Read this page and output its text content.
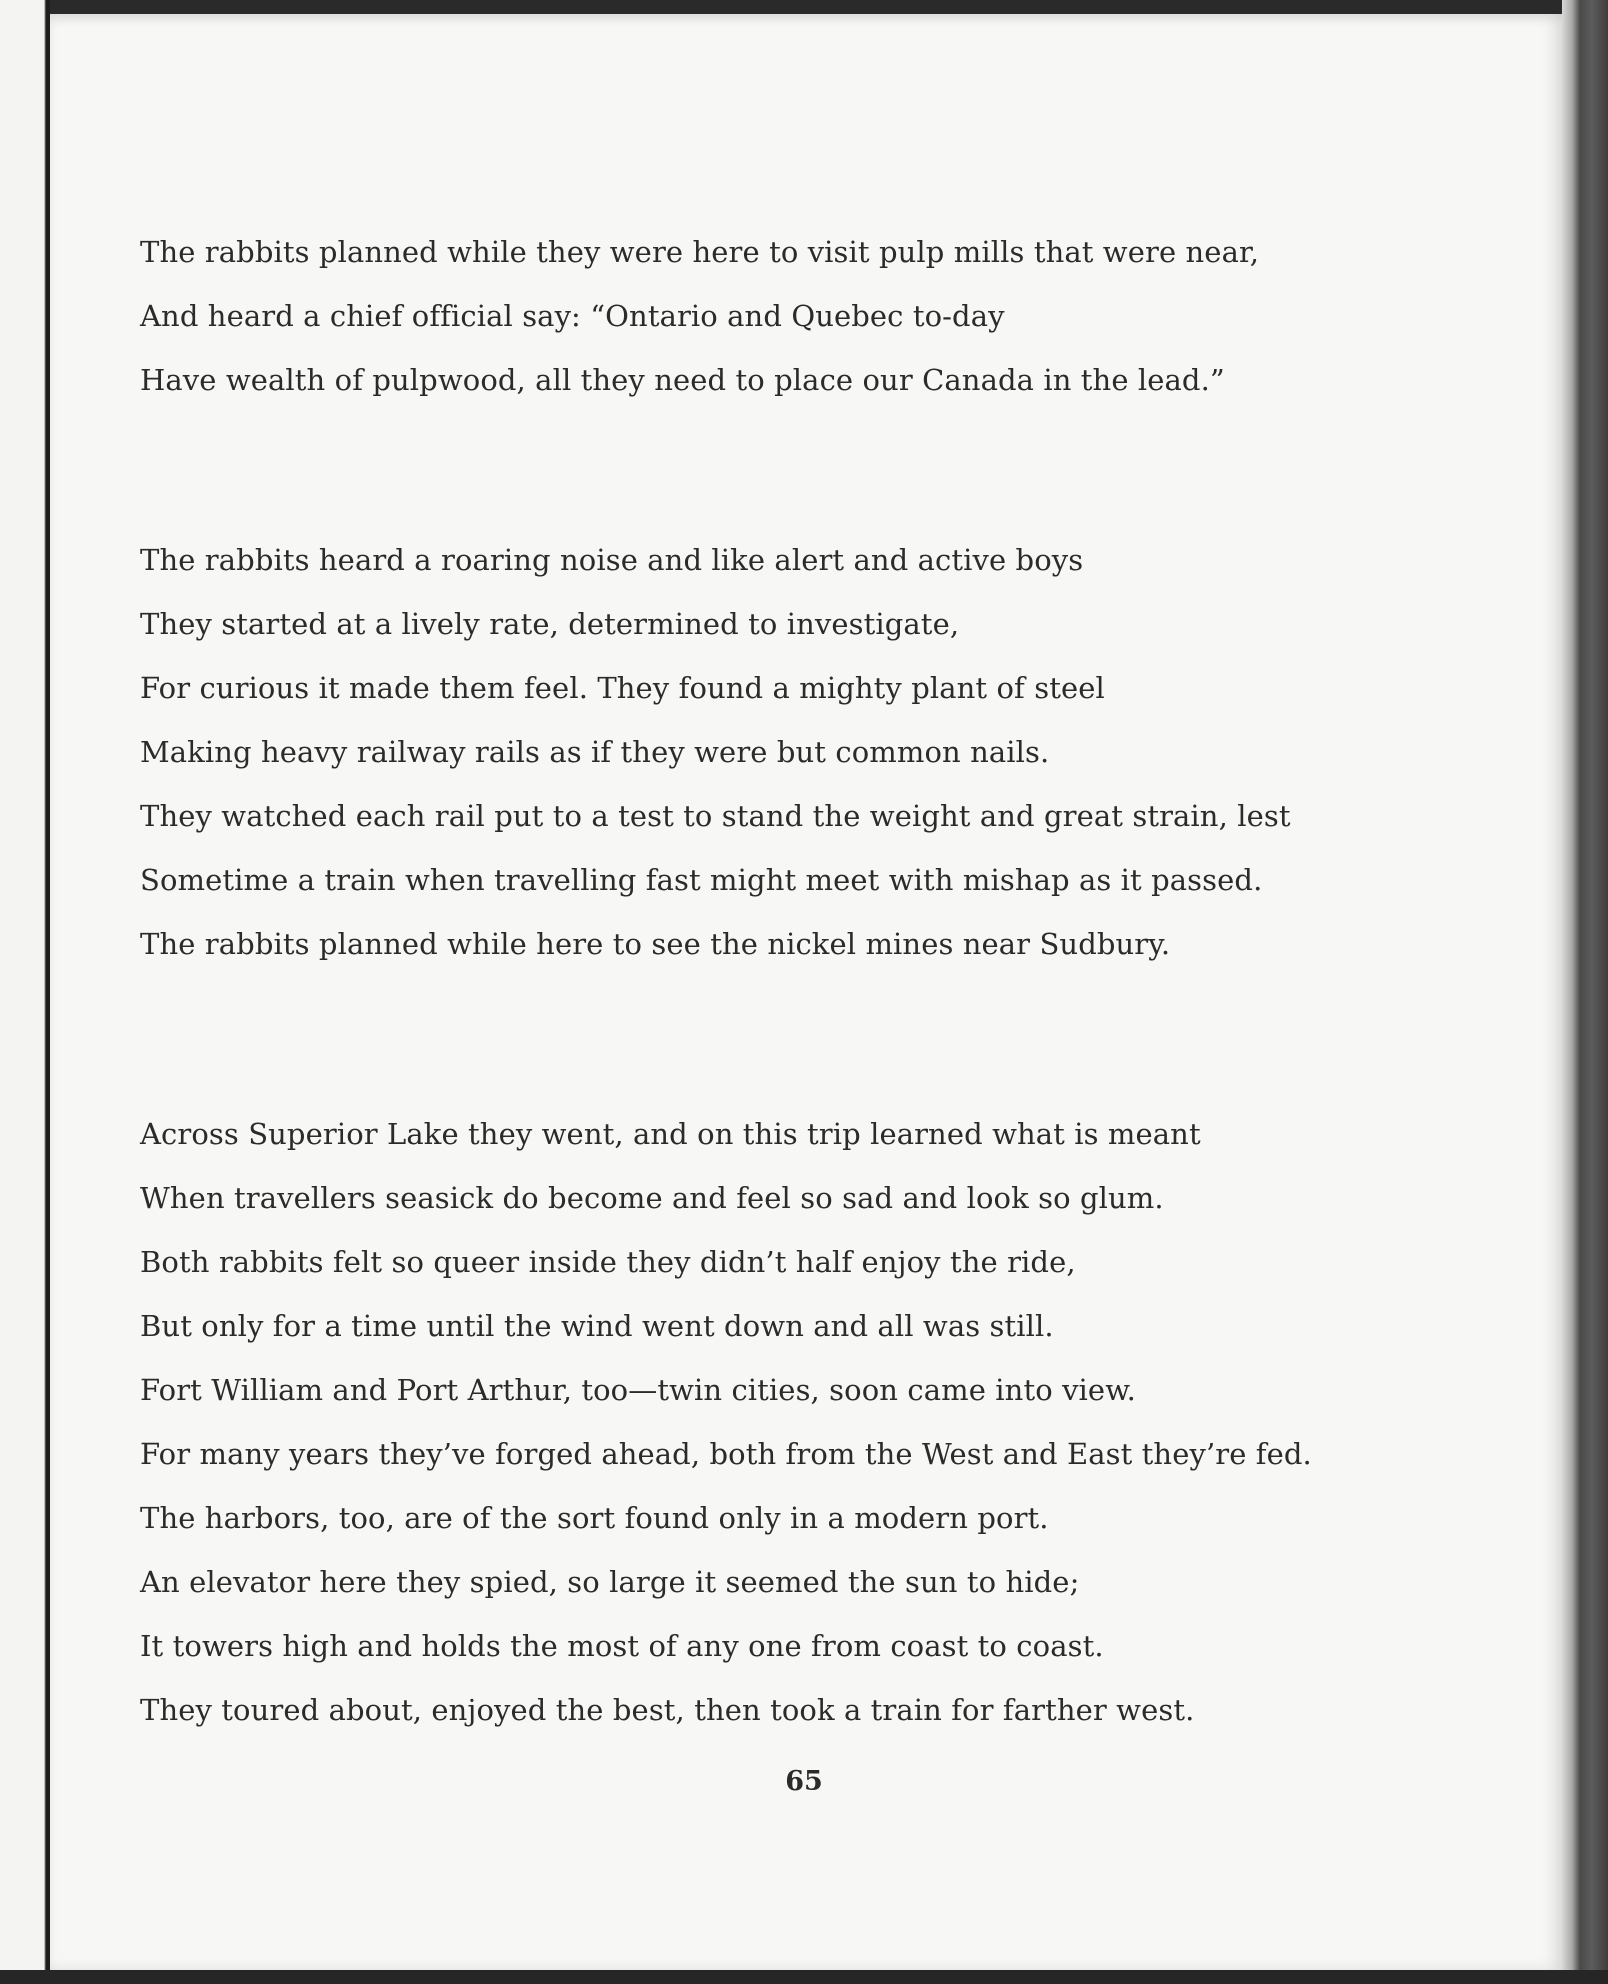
The rabbits planned while they were here to visit pulp mills that were near,
And heard a chief official say: “Ontario and Quebec to-day
Have wealth of pulpwood, all they need to place our Canada in the lead.”
The rabbits heard a roaring noise and like alert and active boys
They started at a lively rate, determined to investigate,
For curious it made them feel. They found a mighty plant of steel
Making heavy railway rails as if they were but common nails.
They watched each rail put to a test to stand the weight and great strain, lest
Sometime a train when travelling fast might meet with mishap as it passed.
The rabbits planned while here to see the nickel mines near Sudbury.
Across Superior Lake they went, and on this trip learned what is meant
When travellers seasick do become and feel so sad and look so glum.
Both rabbits felt so queer inside they didn’t half enjoy the ride,
But only for a time until the wind went down and all was still.
Fort William and Port Arthur, too—twin cities, soon came into view.
For many years they’ve forged ahead, both from the West and East they’re fed.
The harbors, too, are of the sort found only in a modern port.
An elevator here they spied, so large it seemed the sun to hide;
It towers high and holds the most of any one from coast to coast.
They toured about, enjoyed the best, then took a train for farther west.
65
